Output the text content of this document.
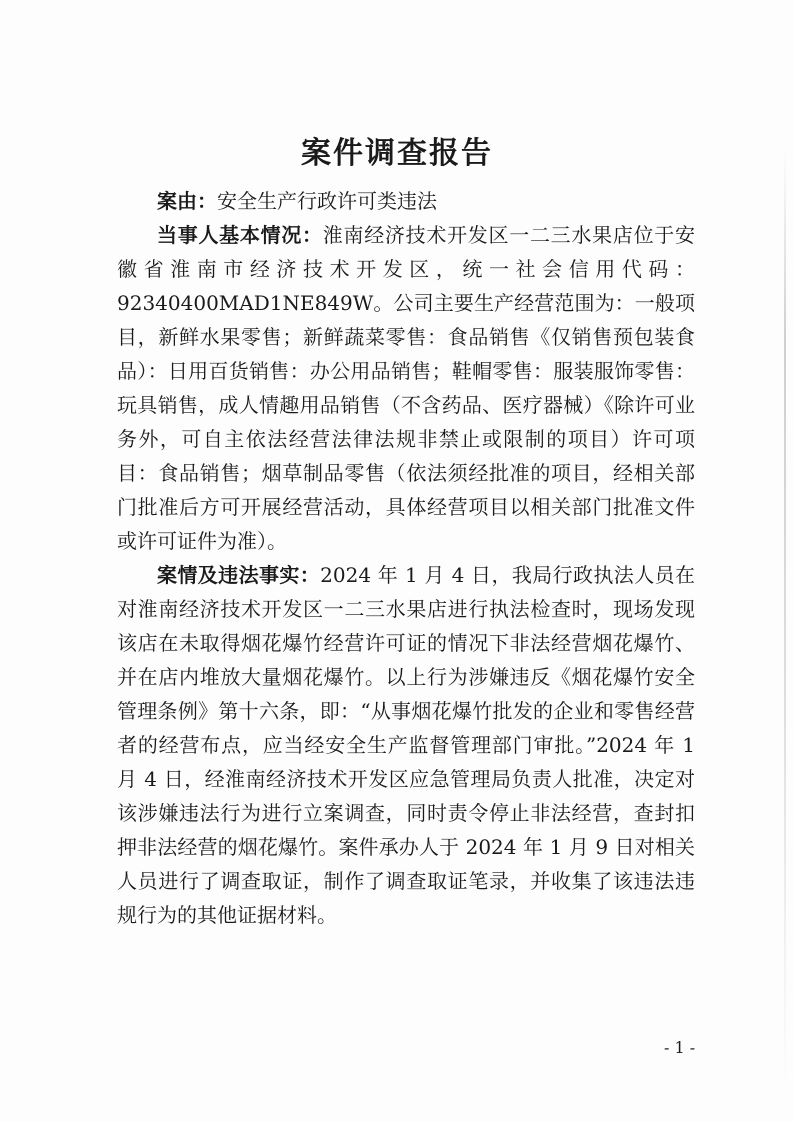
案件调查报告

案由：安全生产行政许可类违法

当事人基本情况：淮南经济技术开发区一二三水果店位于安徽省淮南市经济技术开发区，统一社会信用代码：92340400MAD1NE849W。公司主要生产经营范围为：一般项目，新鲜水果零售；新鲜蔬菜零售：食品销售《仅销售预包装食品）：日用百货销售：办公用品销售；鞋帽零售：服装服饰零售：玩具销售，成人情趣用品销售（不含药品、医疗器械）《除许可业务外，可自主依法经营法律法规非禁止或限制的项目）许可项目：食品销售；烟草制品零售（依法须经批准的项目，经相关部门批准后方可开展经营活动，具体经营项目以相关部门批准文件或许可证件为准）。

案情及违法事实：2024 年 1 月 4 日，我局行政执法人员在对淮南经济技术开发区一二三水果店进行执法检查时，现场发现该店在未取得烟花爆竹经营许可证的情况下非法经营烟花爆竹、并在店内堆放大量烟花爆竹。以上行为涉嫌违反《烟花爆竹安全管理条例》第十六条，即：“从事烟花爆竹批发的企业和零售经营者的经营布点，应当经安全生产监督管理部门审批。”2024 年 1 月 4 日，经淮南经济技术开发区应急管理局负责人批准，决定对该涉嫌违法行为进行立案调查，同时责令停止非法经营，查封扣押非法经营的烟花爆竹。案件承办人于 2024 年 1 月 9 日对相关人员进行了调查取证，制作了调查取证笔录，并收集了该违法违规行为的其他证据材料。

- 1 -
